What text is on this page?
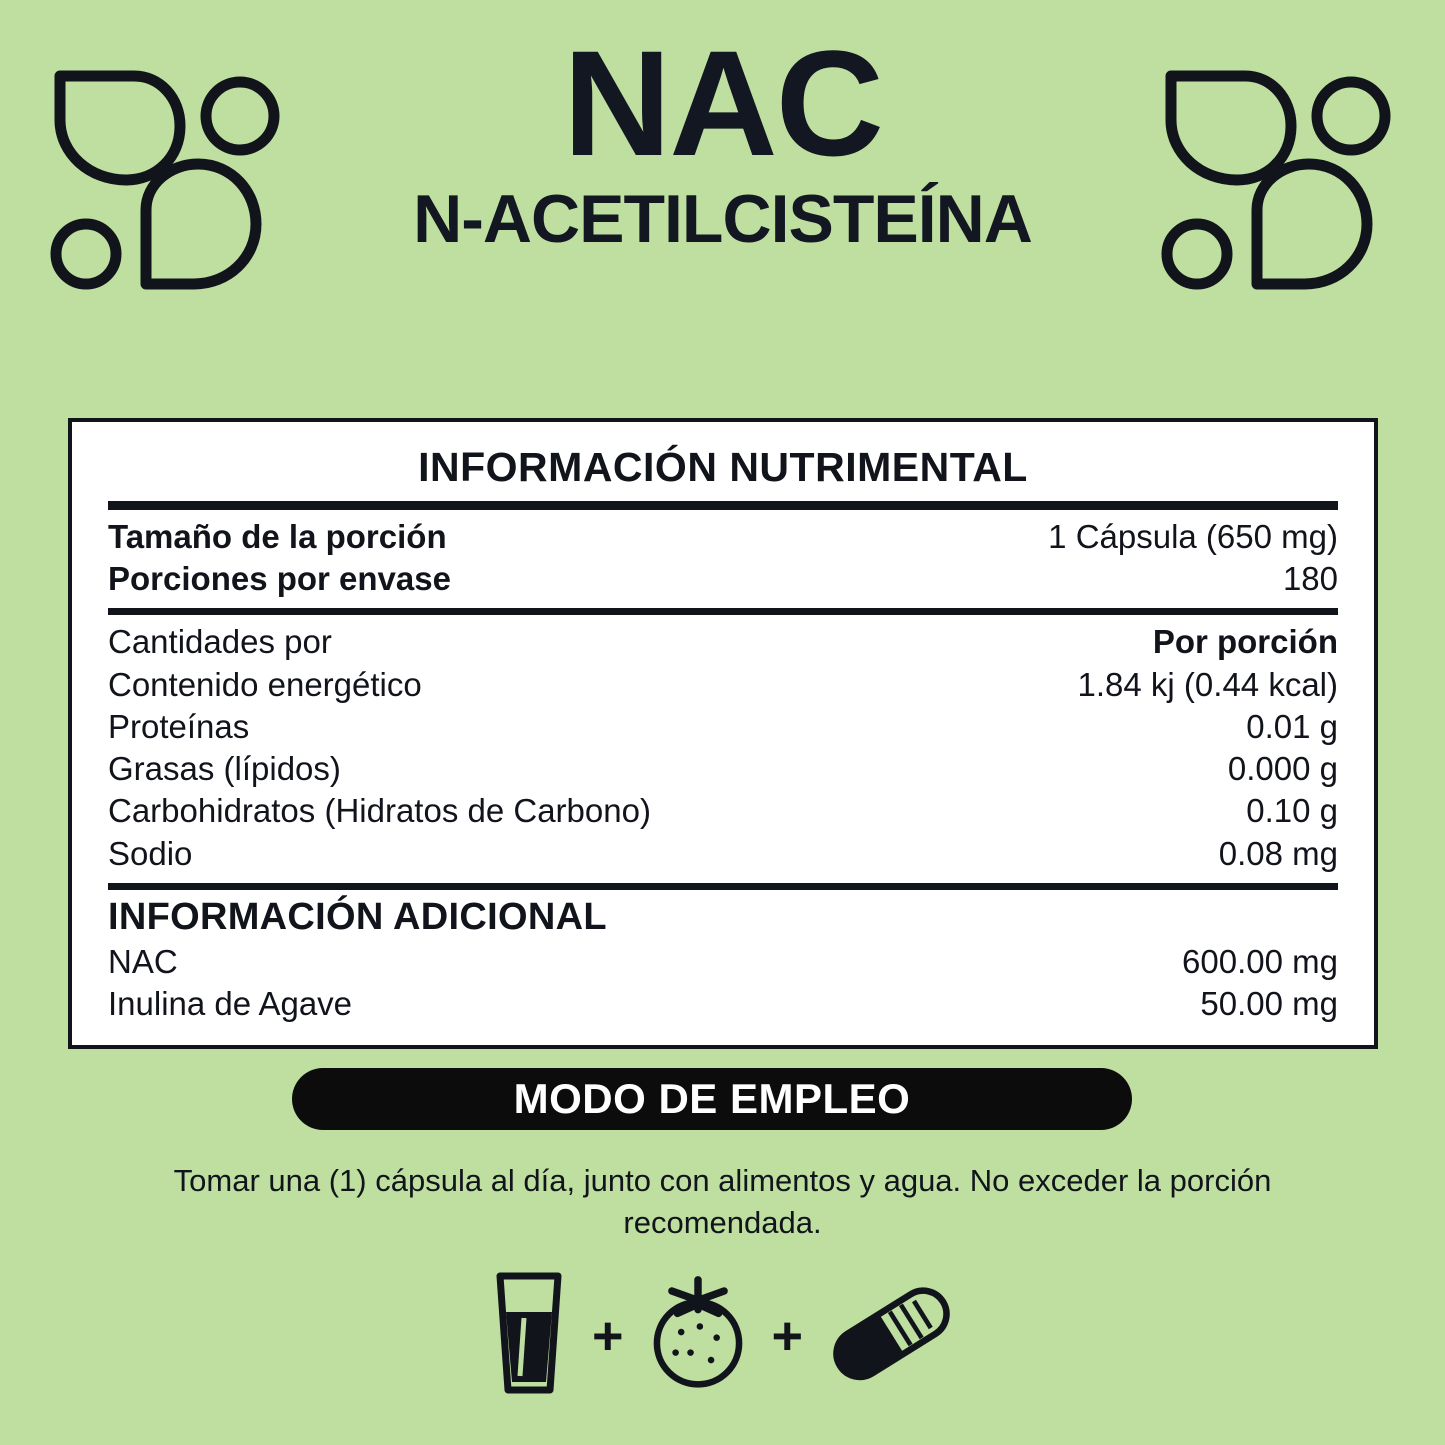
NAC
N-ACETILCISTEÍNA
INFORMACIÓN NUTRIMENTAL
Tamaño de la porción	1 Cápsula (650 mg)
Porciones por envase	180
Cantidades por	Por porción
Contenido energético	1.84 kj (0.44 kcal)
Proteínas	0.01 g
Grasas (lípidos)	0.000 g
Carbohidratos (Hidratos de Carbono)	0.10 g
Sodio	0.08 mg
INFORMACIÓN ADICIONAL
NAC	600.00 mg
Inulina de Agave	50.00 mg
MODO DE EMPLEO
Tomar una (1) cápsula al día, junto con alimentos y agua. No exceder la porción recomendada.
+	+
